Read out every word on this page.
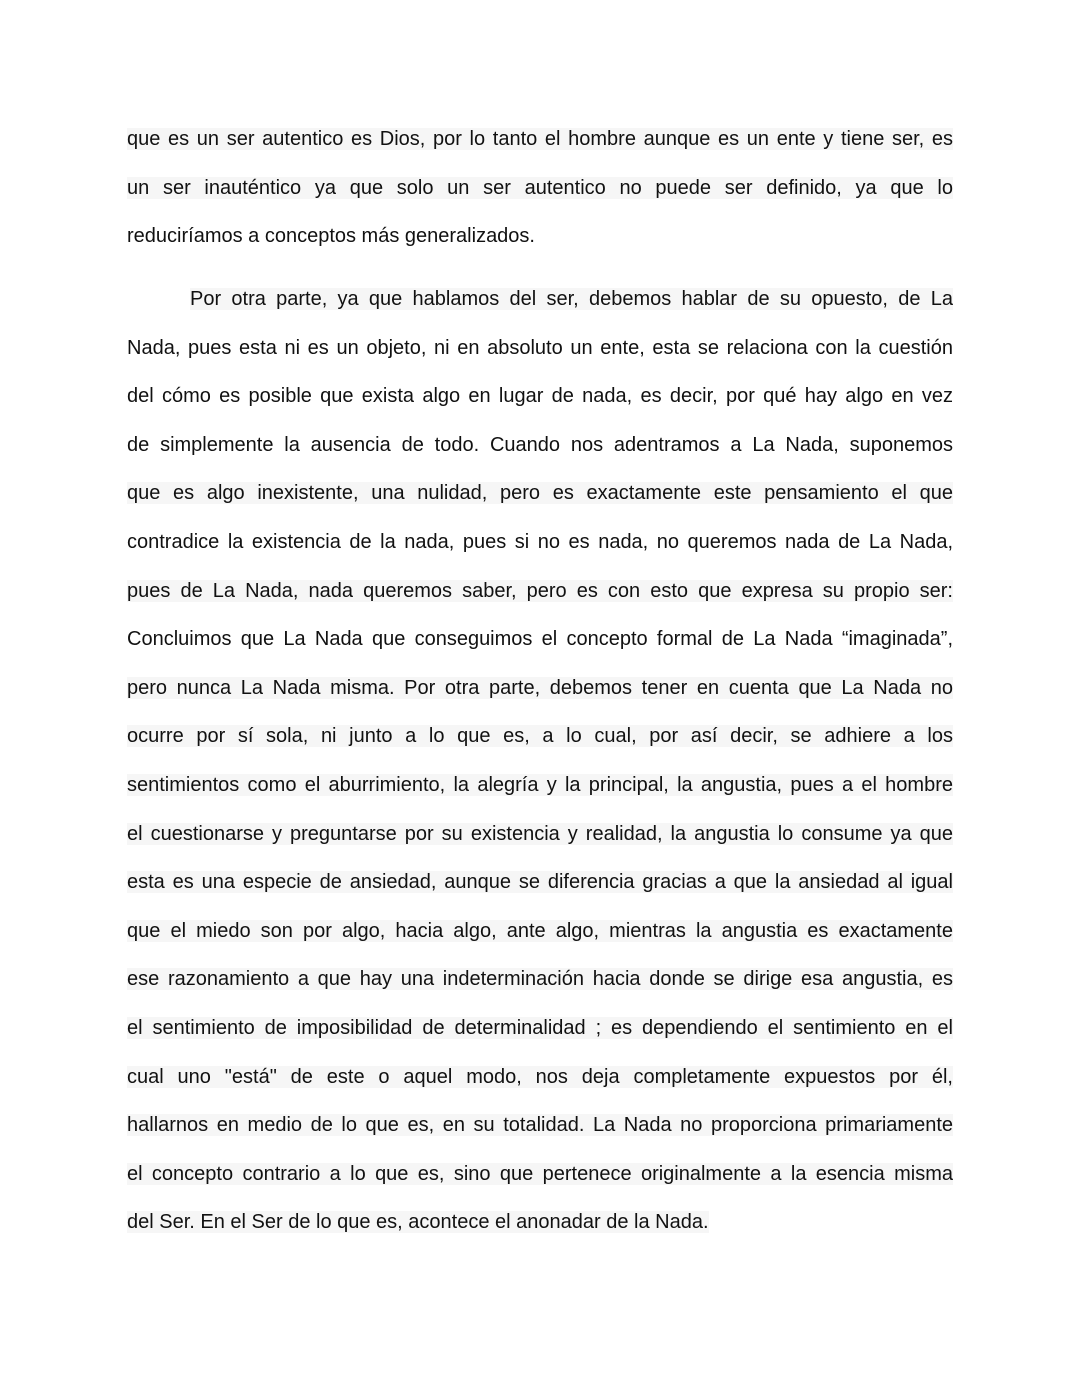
que es un ser autentico es Dios, por lo tanto el hombre aunque es un ente y tiene ser, es
un ser inauténtico ya que solo un ser autentico no puede ser definido, ya que lo
reduciríamos a conceptos más generalizados.
Por otra parte, ya que hablamos del ser, debemos hablar de su opuesto, de La
Nada, pues esta ni es un objeto, ni en absoluto un ente, esta se relaciona con la cuestión
del cómo es posible que exista algo en lugar de nada, es decir, por qué hay algo en vez
de simplemente la ausencia de todo. Cuando nos adentramos a La Nada, suponemos
que es algo inexistente, una nulidad, pero es exactamente este pensamiento el que
contradice la existencia de la nada, pues si no es nada, no queremos nada de La Nada,
pues de La Nada, nada queremos saber, pero es con esto que expresa su propio ser:
Concluimos que La Nada que conseguimos el concepto formal de La Nada “imaginada”,
pero nunca La Nada misma. Por otra parte, debemos tener en cuenta que La Nada no
ocurre por sí sola, ni junto a lo que es, a lo cual, por así decir, se adhiere a los
sentimientos como el aburrimiento, la alegría y la principal, la angustia, pues a el hombre
el cuestionarse y preguntarse por su existencia y realidad, la angustia lo consume ya que
esta es una especie de ansiedad, aunque se diferencia gracias a que la ansiedad al igual
que el miedo son por algo, hacia algo, ante algo, mientras la angustia es exactamente
ese razonamiento a que hay una indeterminación hacia donde se dirige esa angustia, es
el sentimiento de imposibilidad de determinalidad ; es dependiendo el sentimiento en el
cual uno "está" de este o aquel modo, nos deja completamente expuestos por él,
hallarnos en medio de lo que es, en su totalidad. La Nada no proporciona primariamente
el concepto contrario a lo que es, sino que pertenece originalmente a la esencia misma
del Ser. En el Ser de lo que es, acontece el anonadar de la Nada.
